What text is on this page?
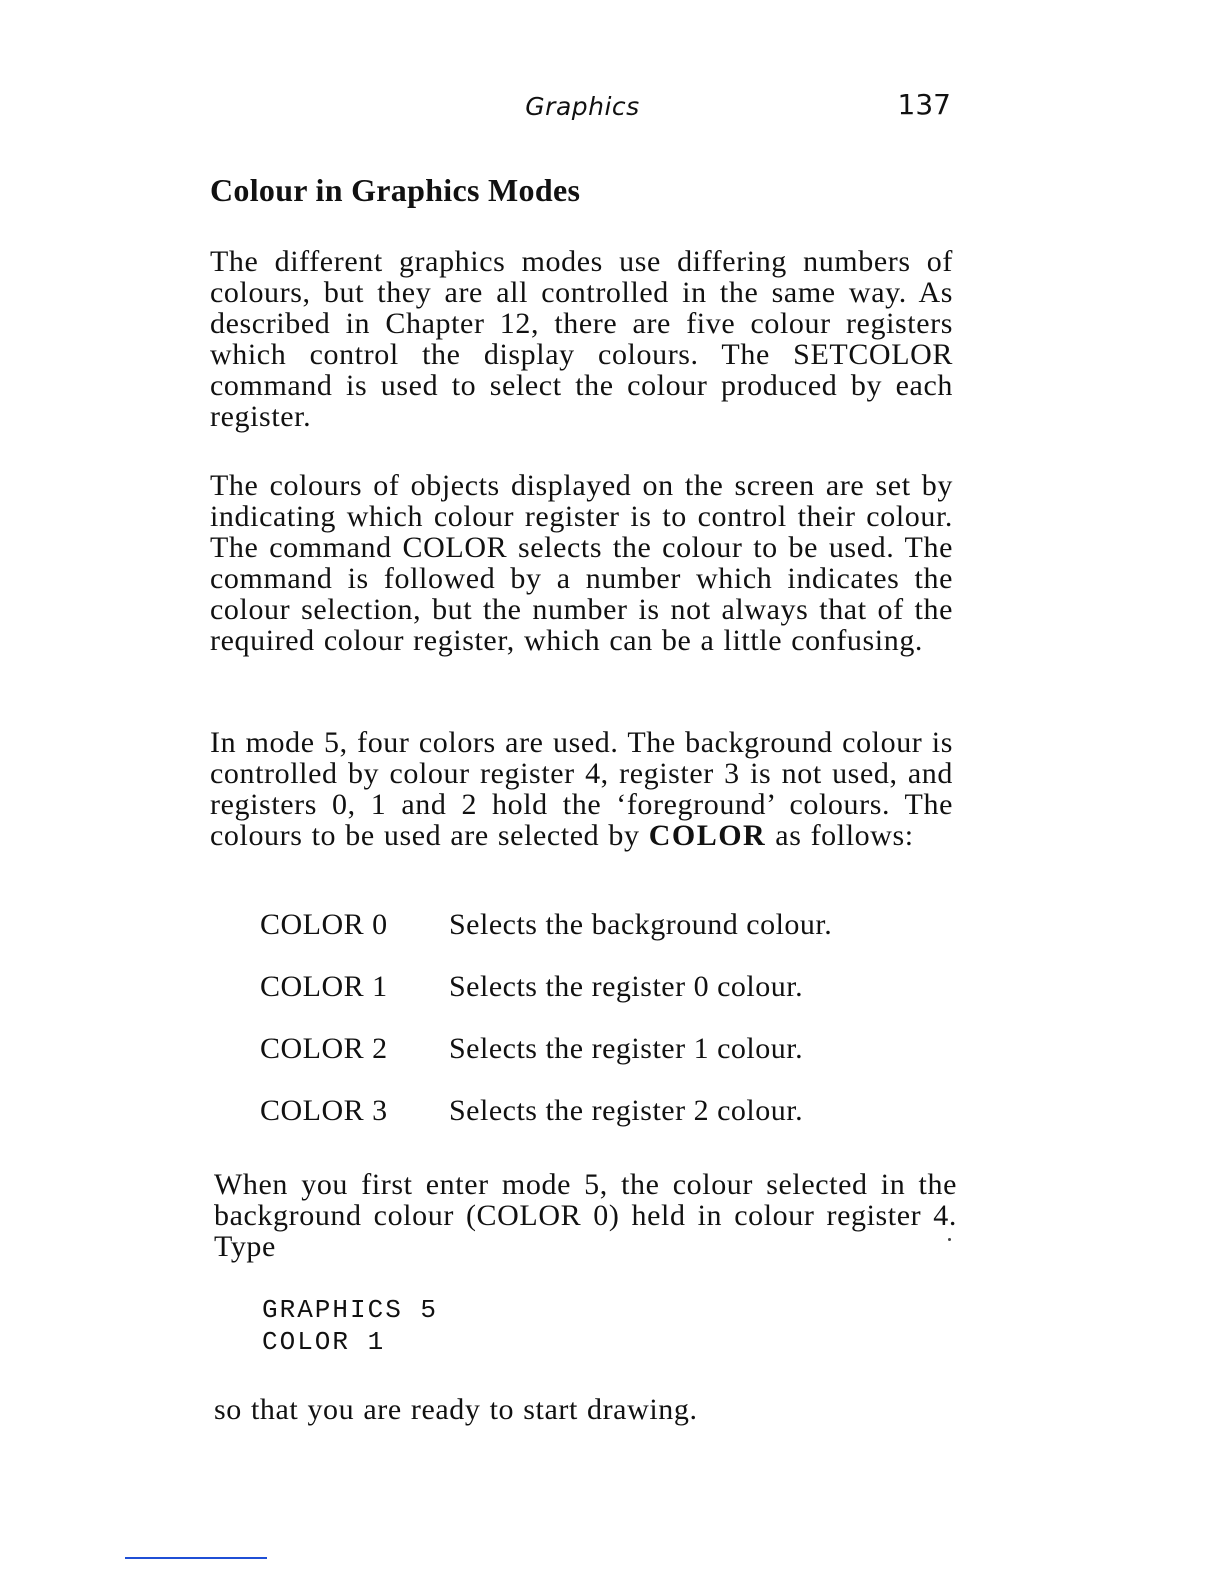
Graphics	137
Colour in Graphics Modes

The different graphics modes use differing numbers of colours, but they are all controlled in the same way. As described in Chapter 12, there are five colour registers which control the display colours. The SETCOLOR command is used to select the colour produced by each register.

The colours of objects displayed on the screen are set by indicating which colour register is to control their colour. The command COLOR selects the colour to be used. The command is followed by a number which indicates the colour selection, but the number is not always that of the required colour register, which can be a little confusing.

In mode 5, four colors are used. The background colour is controlled by colour register 4, register 3 is not used, and registers 0, 1 and 2 hold the ‘foreground’ colours. The colours to be used are selected by COLOR as follows:

COLOR 0	Selects the background colour.
COLOR 1	Selects the register 0 colour.
COLOR 2	Selects the register 1 colour.
COLOR 3	Selects the register 2 colour.

When you first enter mode 5, the colour selected in the background colour (COLOR 0) held in colour register 4. Type

GRAPHICS 5
COLOR 1

so that you are ready to start drawing.
